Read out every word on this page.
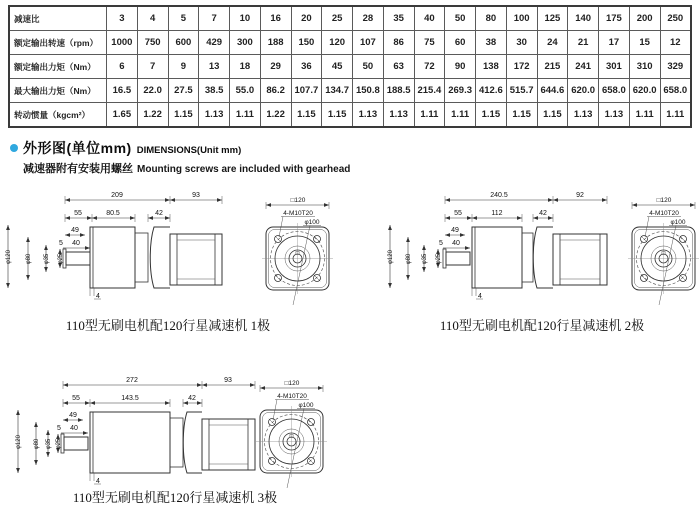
减速比	3	4	5	7	10	16	20	25	28	35	40	50	80	100	125	140	175	200	250
额定输出转速（rpm）	1000	750	600	429	300	188	150	120	107	86	75	60	38	30	24	21	17	15	12
额定输出力矩（Nm）	6	7	9	13	18	29	36	45	50	63	72	90	138	172	215	241	301	310	329
最大输出力矩（Nm）	16.5	22.0	27.5	38.5	55.0	86.2	107.7	134.7	150.8	188.5	215.4	269.3	412.6	515.7	644.6	620.0	658.0	620.0	658.0
转动惯量（kgcm²）	1.65	1.22	1.15	1.13	1.11	1.22	1.15	1.15	1.13	1.13	1.11	1.11	1.15	1.15	1.15	1.13	1.13	1.11	1.11
外形图(单位mm) DIMENSIONS(Unit mm)
减速器附有安装用螺丝 Mounting screws are included with gearhead
φ120 φ80 φ35 φ25
209	93
55	80.5	42
49
5 40
4
φ120 φ80 φ35 φ25
240.5	92
55	112	42
49
5 40
4
φ120 φ80 φ35 φ25
272	93
55	143.5	42
49
5 40
4
110型无刷电机配120行星减速机 1极	110型无刷电机配120行星减速机 2极
110型无刷电机配120行星减速机 3极
